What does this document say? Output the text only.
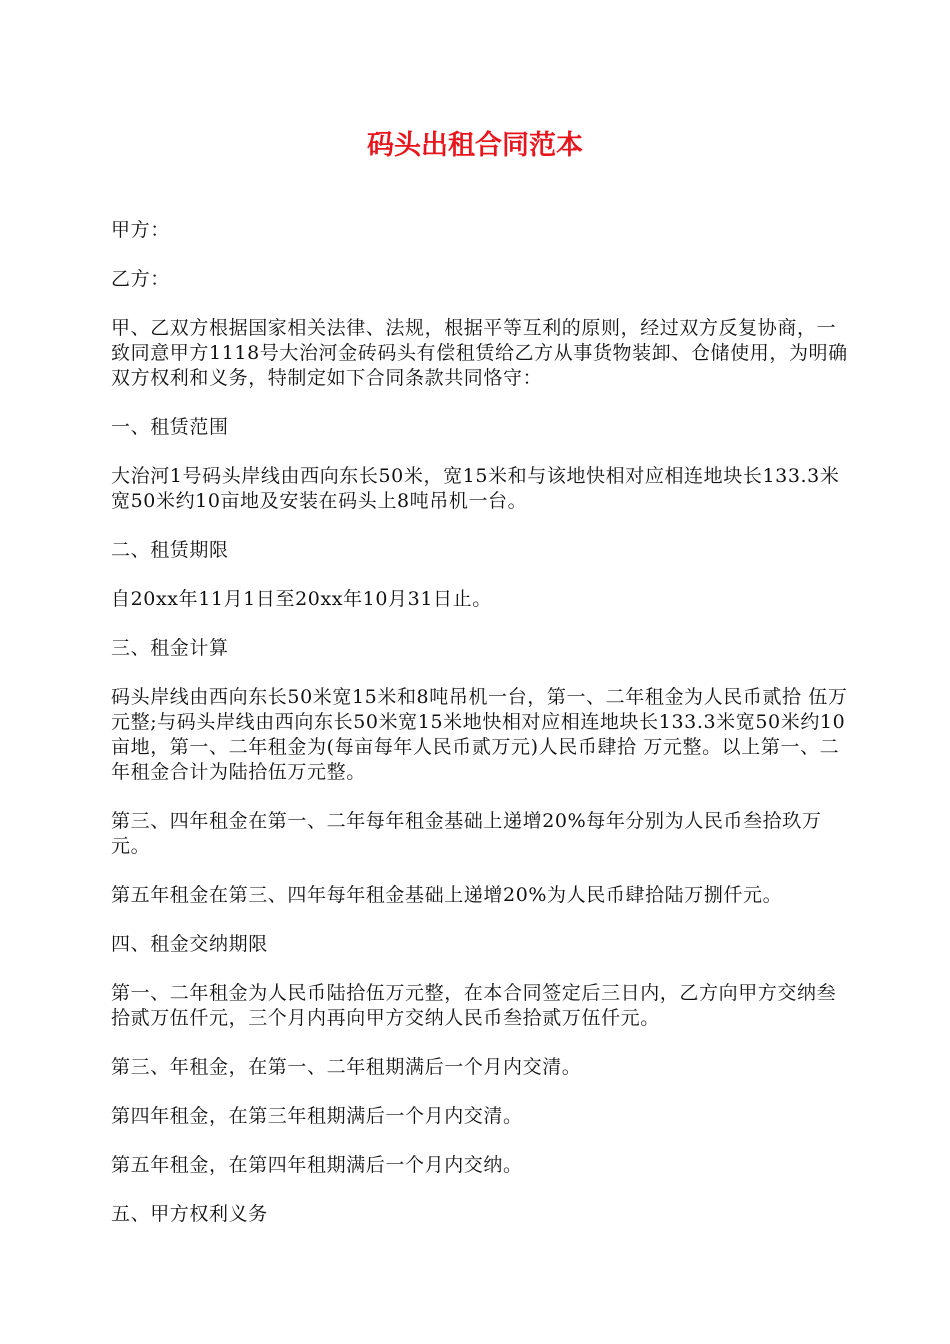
码头出租合同范本

甲方：

乙方：

甲、乙双方根据国家相关法律、法规，根据平等互利的原则，经过双方反复协商，一致同意甲方1118号大治河金砖码头有偿租赁给乙方从事货物装卸、仓储使用，为明确双方权利和义务，特制定如下合同条款共同恪守：

一、租赁范围

大治河1号码头岸线由西向东长50米，宽15米和与该地快相对应相连地块长133.3米宽50米约10亩地及安装在码头上8吨吊机一台。

二、租赁期限

自20xx年11月1日至20xx年10月31日止。

三、租金计算

码头岸线由西向东长50米宽15米和8吨吊机一台，第一、二年租金为人民币贰拾 伍万元整;与码头岸线由西向东长50米宽15米地快相对应相连地块长133.3米宽50米约10亩地，第一、二年租金为(每亩每年人民币贰万元)人民币肆拾 万元整。以上第一、二年租金合计为陆拾伍万元整。

第三、四年租金在第一、二年每年租金基础上递增20%每年分别为人民币叁拾玖万元。

第五年租金在第三、四年每年租金基础上递增20%为人民币肆拾陆万捌仟元。

四、租金交纳期限

第一、二年租金为人民币陆拾伍万元整，在本合同签定后三日内，乙方向甲方交纳叁拾贰万伍仟元，三个月内再向甲方交纳人民币叁拾贰万伍仟元。

第三、年租金，在第一、二年租期满后一个月内交清。

第四年租金，在第三年租期满后一个月内交清。

第五年租金，在第四年租期满后一个月内交纳。

五、甲方权利义务
